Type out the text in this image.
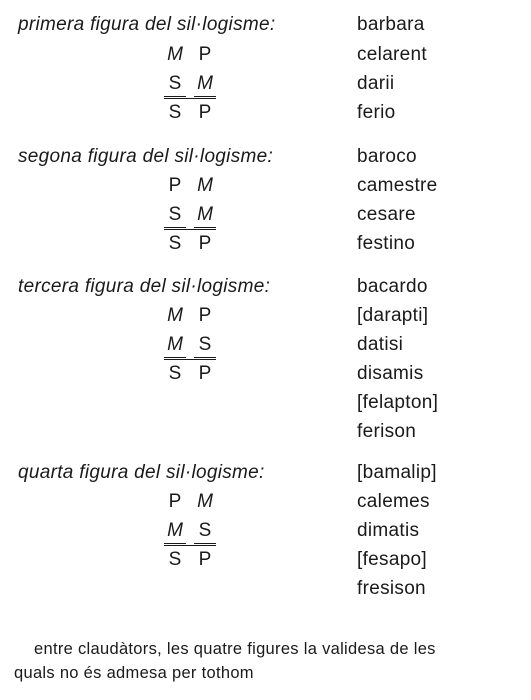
primera figura del sil·logisme:
M P
S M
S P
barbara
celarent
darii
ferio
segona figura del sil·logisme:
P M
S M
S P
baroco
camestre
cesare
festino
tercera figura del sil·logisme:
M P
M S
S P
bacardo
[darapti]
datisi
disamis
[felapton]
ferison
quarta figura del sil·logisme:
P M
M S
S P
[bamalip]
calemes
dimatis
[fesapo]
fresison
entre claudàtors, les quatre figures la validesa de les
quals no és admesa per tothom
